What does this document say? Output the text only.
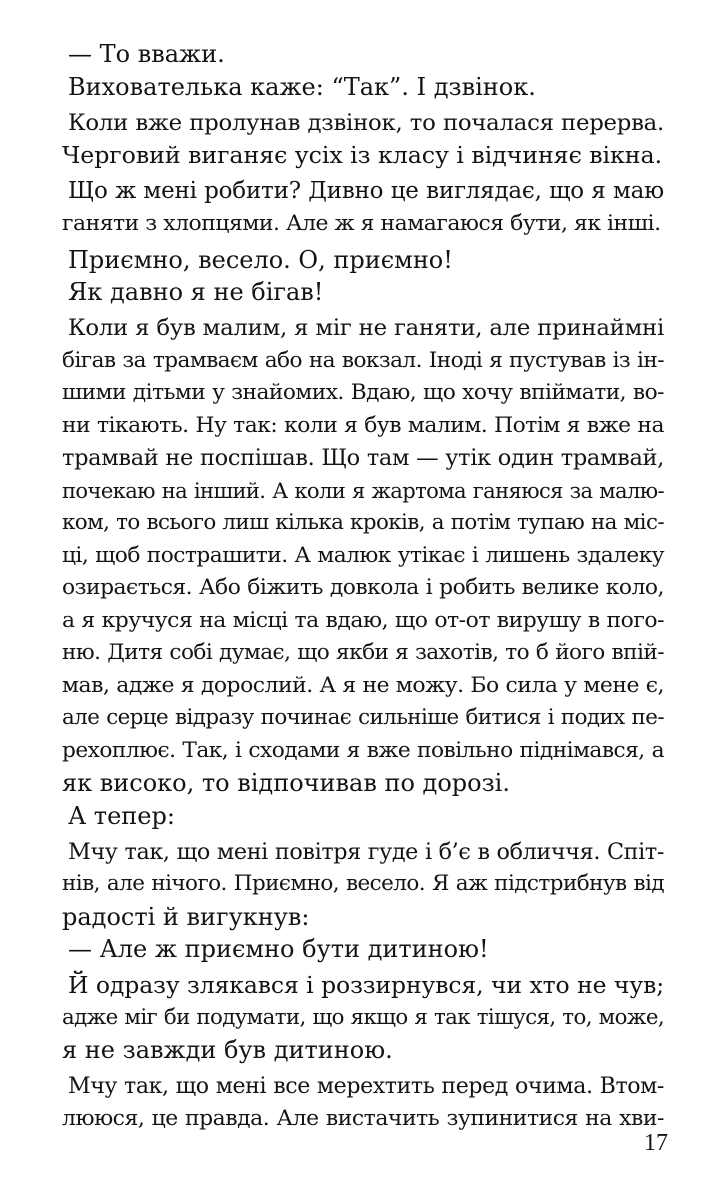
— То вважи.
Вихователька каже: “Так”. І дзвінок.
Коли вже пролунав дзвінок, то почалася перерва.
Черговий виганяє усіх із класу і відчиняє вікна.
Що ж мені робити? Дивно це виглядає, що я маю
ганяти з хлопцями. Але ж я намагаюся бути, як інші.
Приємно, весело. О, приємно!
Як давно я не бігав!
Коли я був малим, я міг не ганяти, але принаймні
бігав за трамваєм або на вокзал. Іноді я пустував із ін-
шими дітьми у знайомих. Вдаю, що хочу впіймати, во-
ни тікають. Ну так: коли я був малим. Потім я вже на
трамвай не поспішав. Що там — утік один трамвай,
почекаю на інший. А коли я жартома ганяюся за малю-
ком, то всього лиш кілька кроків, а потім тупаю на міс-
ці, щоб пострашити. А малюк утікає і лишень здалеку
озирається. Або біжить довкола і робить велике коло,
а я кручуся на місці та вдаю, що от-от вирушу в пого-
ню. Дитя собі думає, що якби я захотів, то б його впій-
мав, адже я дорослий. А я не можу. Бо сила у мене є,
але серце відразу починає сильніше битися і подих пе-
рехоплює. Так, і сходами я вже повільно піднімався, а
як високо, то відпочивав по дорозі.
А тепер:
Мчу так, що мені повітря гуде і б’є в обличчя. Спіт-
нів, але нічого. Приємно, весело. Я аж підстрибнув від
радості й вигукнув:
— Але ж приємно бути дитиною!
Й одразу злякався і роззирнувся, чи хто не чув;
адже міг би подумати, що якщо я так тішуся, то, може,
я не завжди був дитиною.
Мчу так, що мені все мерехтить перед очима. Втом-
лююся, це правда. Але вистачить зупинитися на хви-
17
